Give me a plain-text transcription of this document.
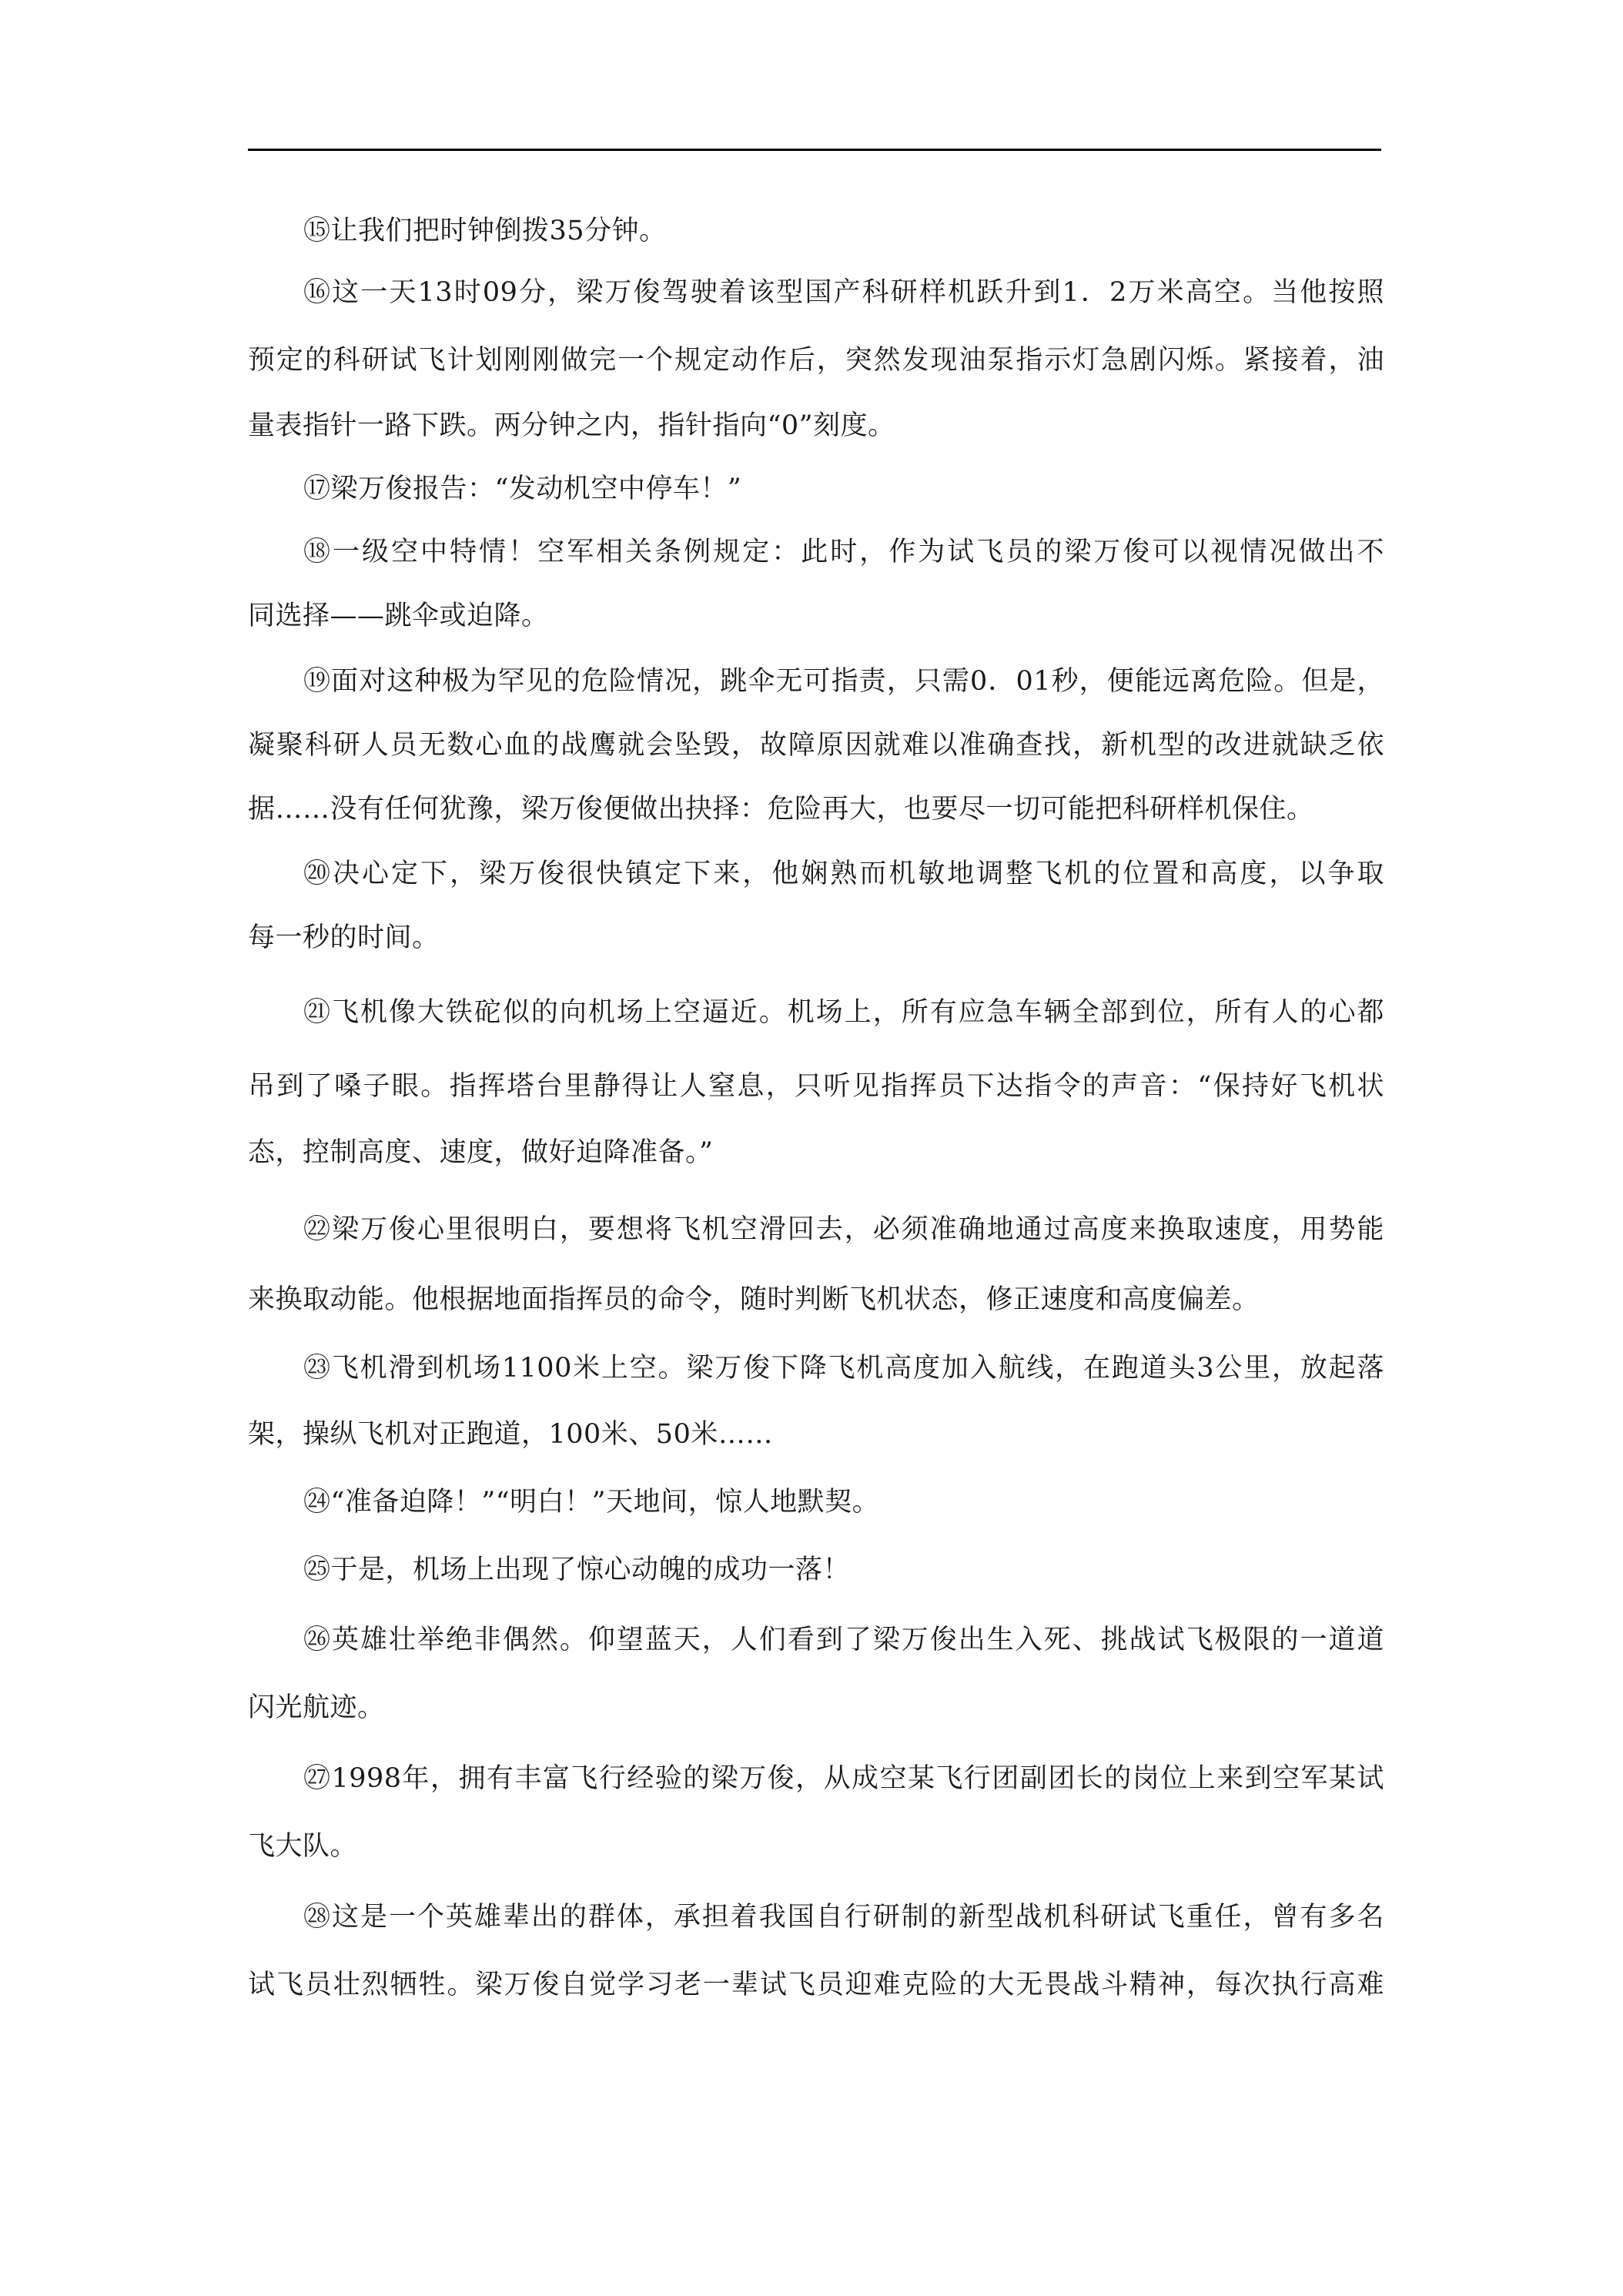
⑮让我们把时钟倒拨35分钟。
⑯这一天13时09分，梁万俊驾驶着该型国产科研样机跃升到1．2万米高空。当他按照
预定的科研试飞计划刚刚做完一个规定动作后，突然发现油泵指示灯急剧闪烁。紧接着，油
量表指针一路下跌。两分钟之内，指针指向“0”刻度。
⑰梁万俊报告：“发动机空中停车！”
⑱一级空中特情！空军相关条例规定：此时，作为试飞员的梁万俊可以视情况做出不
同选择——跳伞或迫降。
⑲面对这种极为罕见的危险情况，跳伞无可指责，只需0．01秒，便能远离危险。但是，
凝聚科研人员无数心血的战鹰就会坠毁，故障原因就难以准确查找，新机型的改进就缺乏依
据……没有任何犹豫，梁万俊便做出抉择：危险再大，也要尽一切可能把科研样机保住。
⑳决心定下，梁万俊很快镇定下来，他娴熟而机敏地调整飞机的位置和高度，以争取
每一秒的时间。
㉑飞机像大铁砣似的向机场上空逼近。机场上，所有应急车辆全部到位，所有人的心都
吊到了嗓子眼。指挥塔台里静得让人窒息，只听见指挥员下达指令的声音：“保持好飞机状
态，控制高度、速度，做好迫降准备。”
㉒梁万俊心里很明白，要想将飞机空滑回去，必须准确地通过高度来换取速度，用势能
来换取动能。他根据地面指挥员的命令，随时判断飞机状态，修正速度和高度偏差。
㉓飞机滑到机场1100米上空。梁万俊下降飞机高度加入航线，在跑道头3公里，放起落
架，操纵飞机对正跑道，100米、50米……
㉔“准备迫降！”“明白！”天地间，惊人地默契。
㉕于是，机场上出现了惊心动魄的成功一落！
㉖英雄壮举绝非偶然。仰望蓝天，人们看到了梁万俊出生入死、挑战试飞极限的一道道
闪光航迹。
㉗1998年，拥有丰富飞行经验的梁万俊，从成空某飞行团副团长的岗位上来到空军某试
飞大队。
㉘这是一个英雄辈出的群体，承担着我国自行研制的新型战机科研试飞重任，曾有多名
试飞员壮烈牺牲。梁万俊自觉学习老一辈试飞员迎难克险的大无畏战斗精神，每次执行高难
